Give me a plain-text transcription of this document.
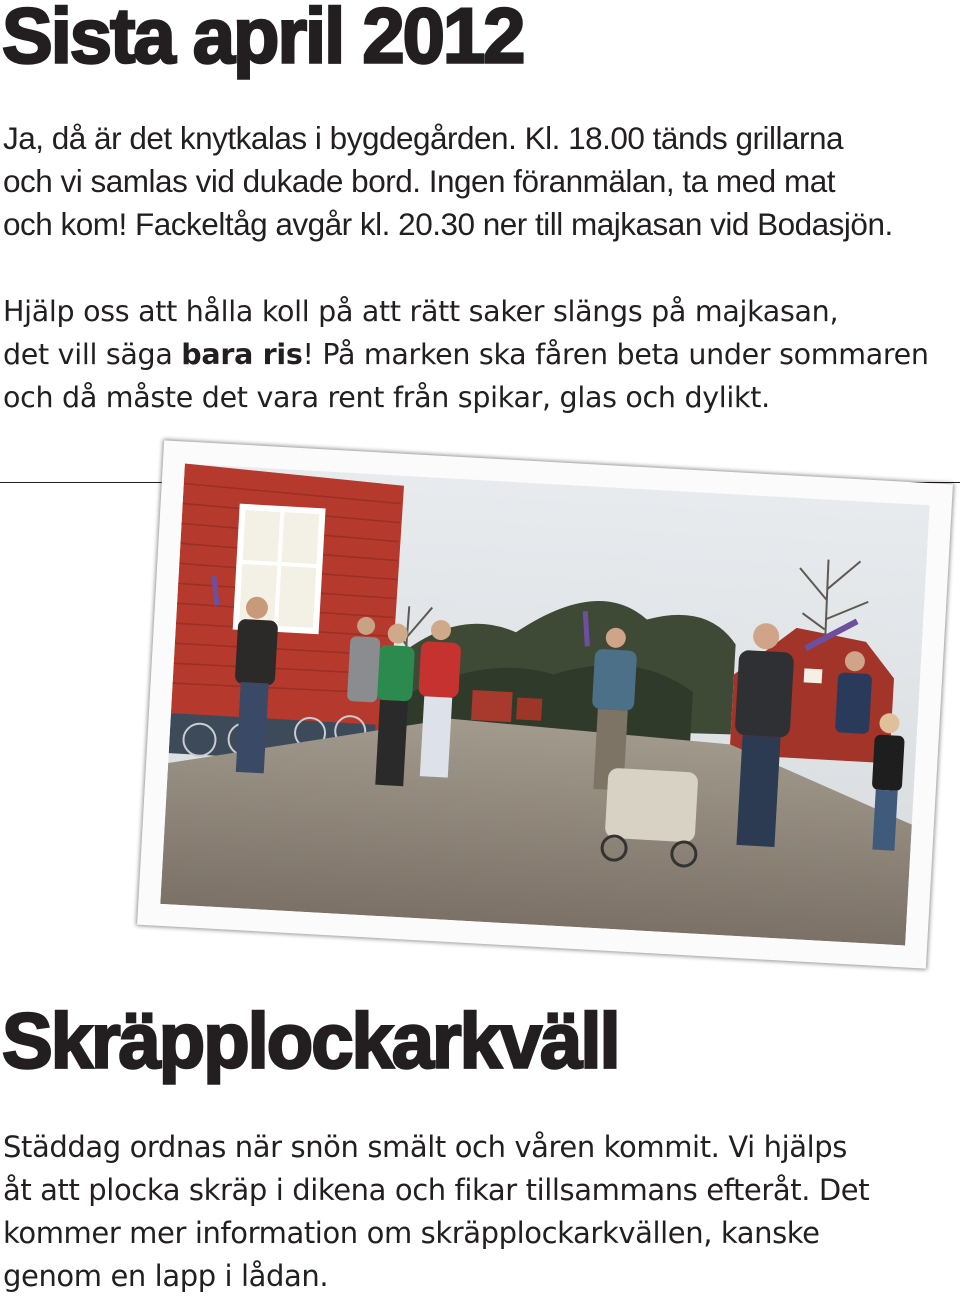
Sista april 2012
Ja, då är det knytkalas i bygdegården. Kl. 18.00 tänds grillarna
och vi samlas vid dukade bord. Ingen föranmälan, ta med mat
och kom! Fackeltåg avgår kl. 20.30 ner till majkasan vid Bodasjön.
Hjälp oss att hålla koll på att rätt saker slängs på majkasan,
det vill säga bara ris! På marken ska fåren beta under sommaren
och då måste det vara rent från spikar, glas och dylikt.
Skräpplockarkväll
Städdag ordnas när snön smält och våren kommit. Vi hjälps
åt att plocka skräp i dikena och fikar tillsammans efteråt. Det
kommer mer information om skräpplockarkvällen, kanske
genom en lapp i lådan.
